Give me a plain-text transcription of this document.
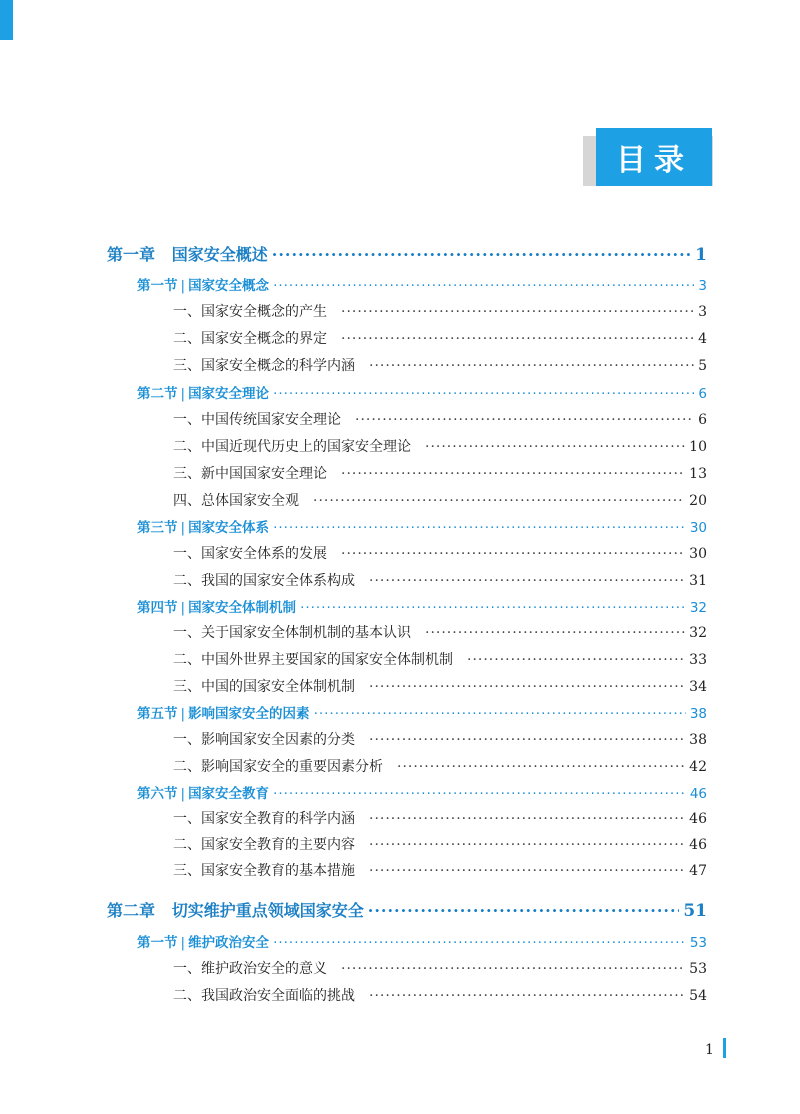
目录
第一章 国家安全概述 ·····	1
第一节 | 国家安全概念 ·····	3
一、国家安全概念的产生 ·····	3
二、国家安全概念的界定 ·····	4
三、国家安全概念的科学内涵 ·····	5
第二节 | 国家安全理论 ·····	6
一、中国传统国家安全理论 ·····	6
二、中国近现代历史上的国家安全理论 ·····	10
三、新中国国家安全理论 ·····	13
四、总体国家安全观 ·····	20
第三节 | 国家安全体系 ·····	30
一、国家安全体系的发展 ·····	30
二、我国的国家安全体系构成 ·····	31
第四节 | 国家安全体制机制 ·····	32
一、关于国家安全体制机制的基本认识 ·····	32
二、中国外世界主要国家的国家安全体制机制 ·····	33
三、中国的国家安全体制机制 ·····	34
第五节 | 影响国家安全的因素 ·····	38
一、影响国家安全因素的分类 ·····	38
二、影响国家安全的重要因素分析 ·····	42
第六节 | 国家安全教育 ·····	46
一、国家安全教育的科学内涵 ·····	46
二、国家安全教育的主要内容 ·····	46
三、国家安全教育的基本措施 ·····	47
第二章 切实维护重点领域国家安全 ·····	51
第一节 | 维护政治安全 ·····	53
一、维护政治安全的意义 ·····	53
二、我国政治安全面临的挑战 ·····	54
1
